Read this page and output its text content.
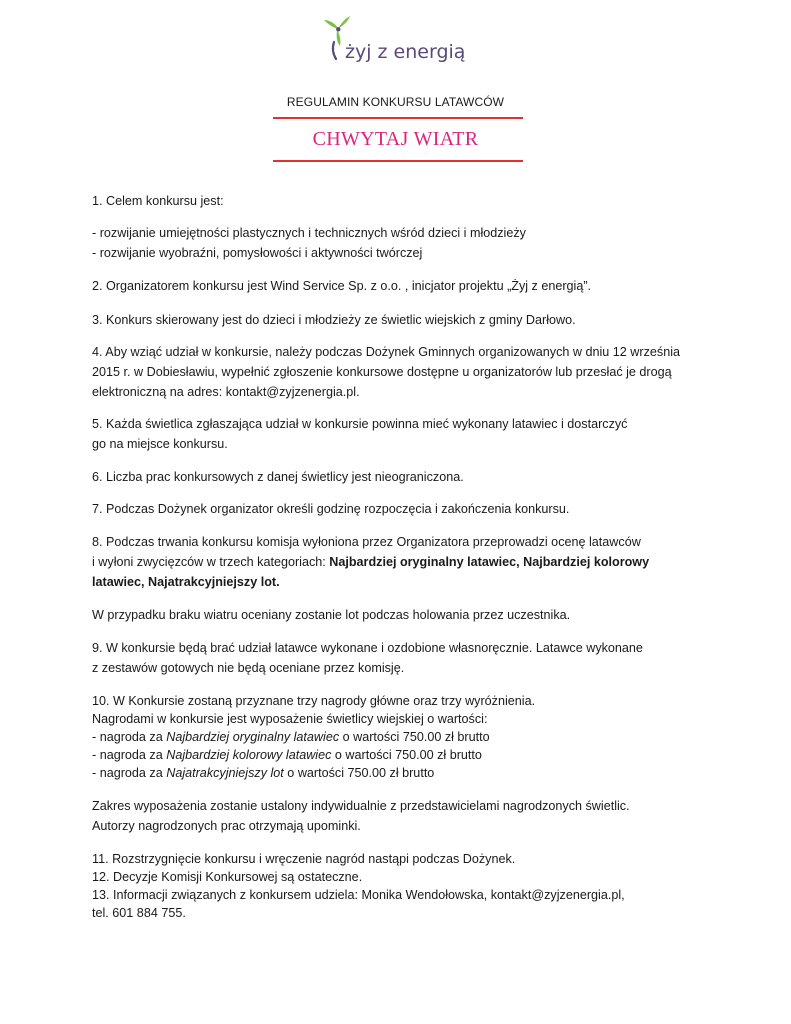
żyj z energią
REGULAMIN KONKURSU LATAWCÓW
CHWYTAJ WIATR
1. Celem konkursu jest:
- rozwijanie umiejętności plastycznych i technicznych wśród dzieci i młodzieży
- rozwijanie wyobraźni, pomysłowości i aktywności twórczej
2. Organizatorem konkursu jest Wind Service Sp. z o.o. , inicjator projektu „Żyj z energią”.
3. Konkurs skierowany jest do dzieci i młodzieży ze świetlic wiejskich z gminy Darłowo.
4. Aby wziąć udział w konkursie, należy podczas Dożynek Gminnych organizowanych w dniu 12 września
2015 r. w Dobiesławiu, wypełnić zgłoszenie konkursowe dostępne u organizatorów lub przesłać je drogą
elektroniczną na adres: kontakt@zyjzenergia.pl.
5. Każda świetlica zgłaszająca udział w konkursie powinna mieć wykonany latawiec i dostarczyć
go na miejsce konkursu.
6. Liczba prac konkursowych z danej świetlicy jest nieograniczona.
7. Podczas Dożynek organizator określi godzinę rozpoczęcia i zakończenia konkursu.
8. Podczas trwania konkursu komisja wyłoniona przez Organizatora przeprowadzi ocenę latawców
i wyłoni zwycięzców w trzech kategoriach: Najbardziej oryginalny latawiec, Najbardziej kolorowy
latawiec, Najatrakcyjniejszy lot.
W przypadku braku wiatru oceniany zostanie lot podczas holowania przez uczestnika.
9. W konkursie będą brać udział latawce wykonane i ozdobione własnoręcznie. Latawce wykonane
z zestawów gotowych nie będą oceniane przez komisję.
10. W Konkursie zostaną przyznane trzy nagrody główne oraz trzy wyróżnienia.
Nagrodami w konkursie jest wyposażenie świetlicy wiejskiej o wartości:
- nagroda za Najbardziej oryginalny latawiec o wartości 750.00 zł brutto
- nagroda za Najbardziej kolorowy latawiec o wartości 750.00 zł brutto
- nagroda za Najatrakcyjniejszy lot o wartości 750.00 zł brutto
Zakres wyposażenia zostanie ustalony indywidualnie z przedstawicielami nagrodzonych świetlic.
Autorzy nagrodzonych prac otrzymają upominki.
11. Rozstrzygnięcie konkursu i wręczenie nagród nastąpi podczas Dożynek.
12. Decyzje Komisji Konkursowej są ostateczne.
13. Informacji związanych z konkursem udziela: Monika Wendołowska, kontakt@zyjzenergia.pl,
tel. 601 884 755.
